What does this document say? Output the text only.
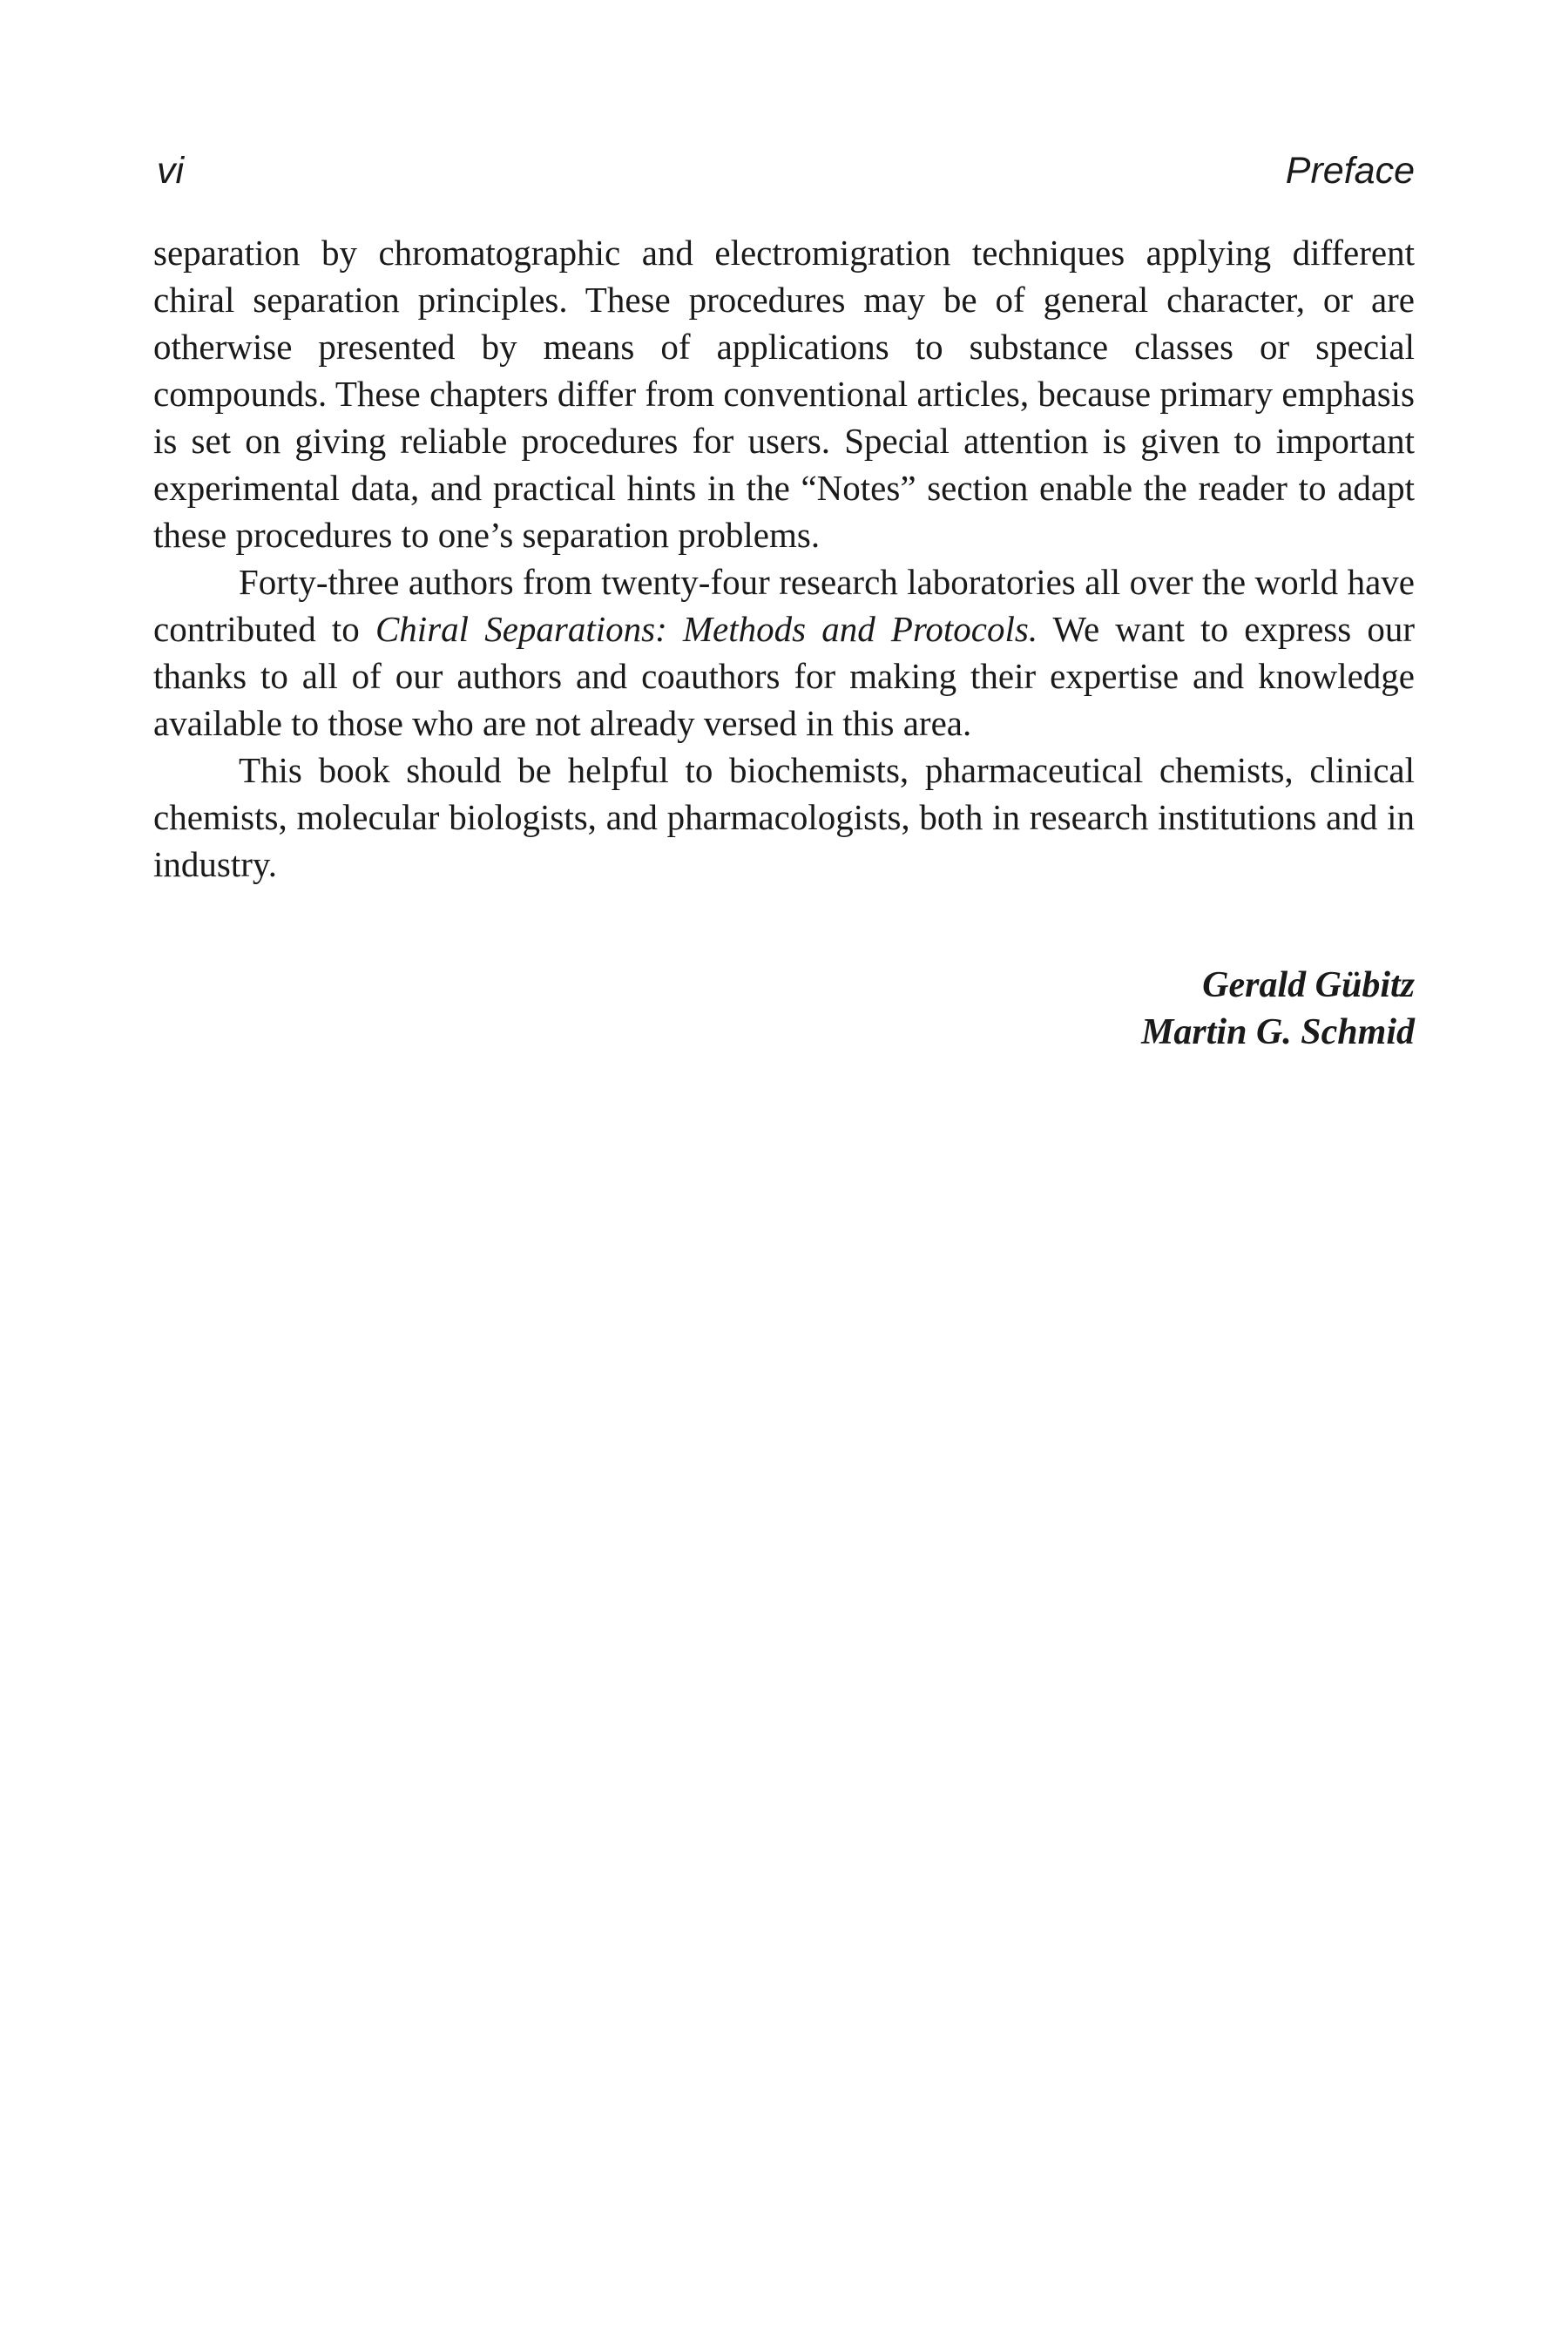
vi	Preface

separation by chromatographic and electromigration techniques applying different chiral separation principles. These procedures may be of general character, or are otherwise presented by means of applications to substance classes or special compounds. These chapters differ from conventional articles, because primary emphasis is set on giving reliable procedures for users. Special attention is given to important experimental data, and practical hints in the “Notes” section enable the reader to adapt these procedures to one’s separation problems.

Forty-three authors from twenty-four research laboratories all over the world have contributed to Chiral Separations: Methods and Protocols. We want to express our thanks to all of our authors and coauthors for making their expertise and knowledge available to those who are not already versed in this area.

This book should be helpful to biochemists, pharmaceutical chemists, clinical chemists, molecular biologists, and pharmacologists, both in research institutions and in industry.

Gerald Gübitz
Martin G. Schmid
